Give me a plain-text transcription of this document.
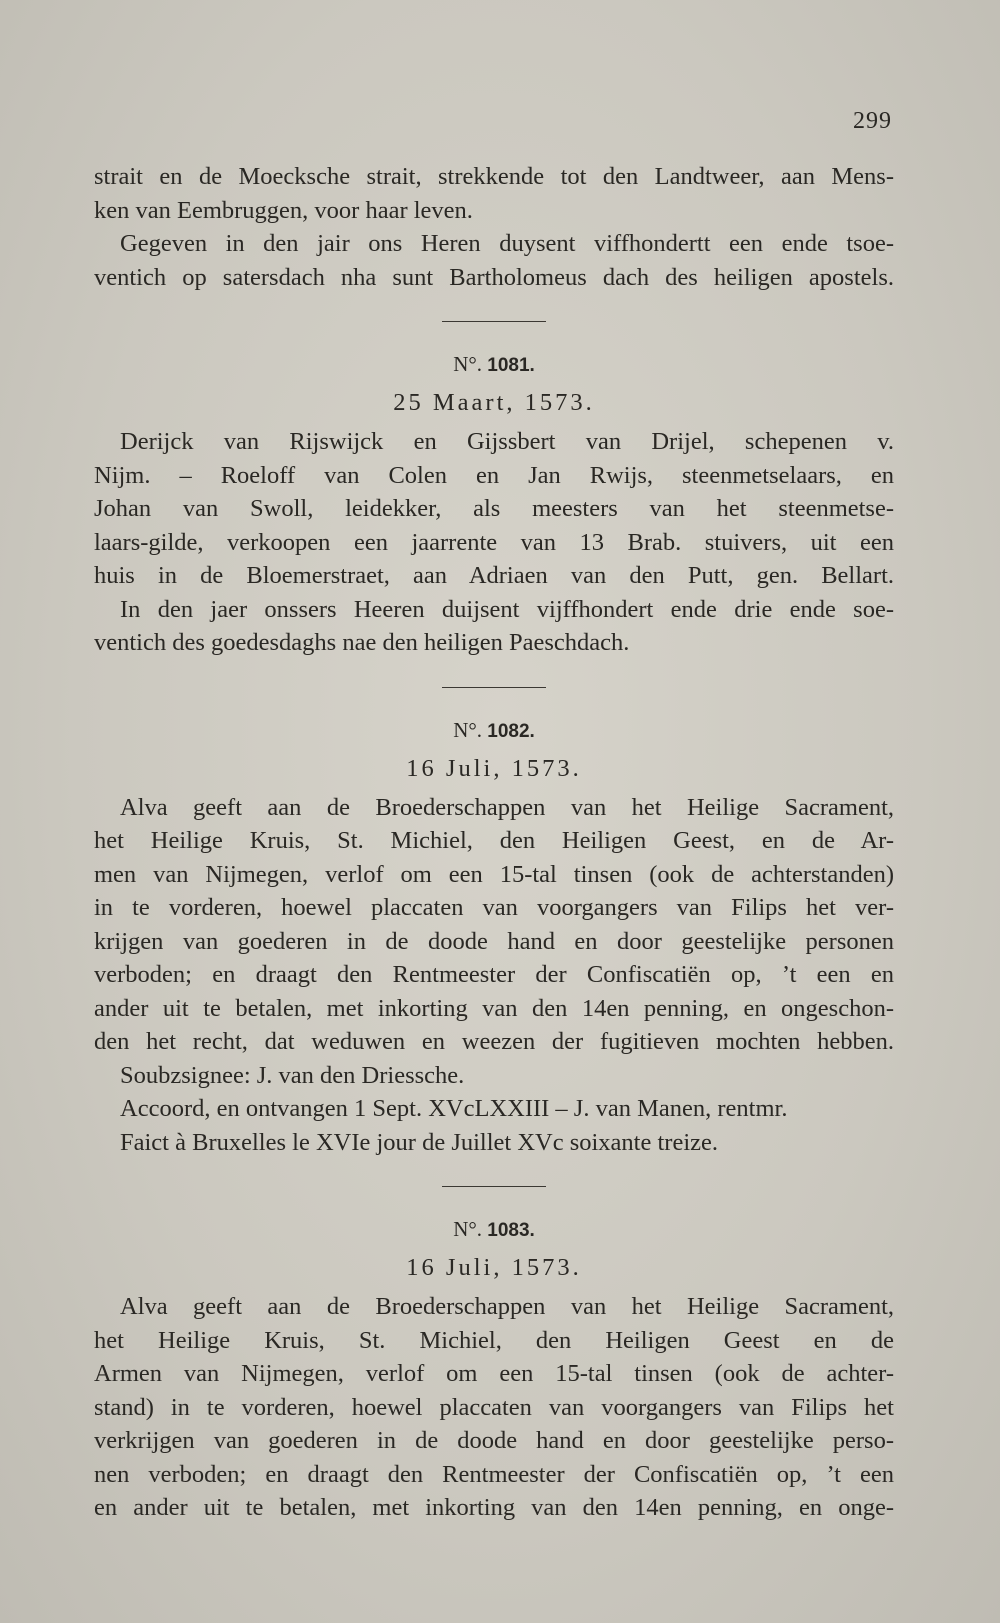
299
strait en de Moecksche strait, strekkende tot den Landtweer, aan Mens-
ken van Eembruggen, voor haar leven.
Gegeven in den jair ons Heren duysent viffhondertt een ende tsoe-
ventich op satersdach nha sunt Bartholomeus dach des heiligen apostels.
N°. 1081.
25 Maart, 1573.
Derijck van Rijswijck en Gijssbert van Drijel, schepenen v.
Nijm. – Roeloff van Colen en Jan Rwijs, steenmetselaars, en
Johan van Swoll, leidekker, als meesters van het steenmetse-
laars-gilde, verkoopen een jaarrente van 13 Brab. stuivers, uit een
huis in de Bloemerstraet, aan Adriaen van den Putt, gen. Bellart.
In den jaer onssers Heeren duijsent vijffhondert ende drie ende soe-
ventich des goedesdaghs nae den heiligen Paeschdach.
N°. 1082.
16 Juli, 1573.
Alva geeft aan de Broederschappen van het Heilige Sacrament,
het Heilige Kruis, St. Michiel, den Heiligen Geest, en de Ar-
men van Nijmegen, verlof om een 15-tal tinsen (ook de achterstanden)
in te vorderen, hoewel placcaten van voorgangers van Filips het ver-
krijgen van goederen in de doode hand en door geestelijke personen
verboden; en draagt den Rentmeester der Confiscatiën op, ’t een en
ander uit te betalen, met inkorting van den 14en penning, en ongeschon-
den het recht, dat weduwen en weezen der fugitieven mochten hebben.
Soubzsignee: J. van den Driessche.
Accoord, en ontvangen 1 Sept. XVcLXXIII – J. van Manen, rentmr.
Faict à Bruxelles le XVIe jour de Juillet XVc soixante treize.
N°. 1083.
16 Juli, 1573.
Alva geeft aan de Broederschappen van het Heilige Sacrament,
het Heilige Kruis, St. Michiel, den Heiligen Geest en de
Armen van Nijmegen, verlof om een 15-tal tinsen (ook de achter-
stand) in te vorderen, hoewel placcaten van voorgangers van Filips het
verkrijgen van goederen in de doode hand en door geestelijke perso-
nen verboden; en draagt den Rentmeester der Confiscatiën op, ’t een
en ander uit te betalen, met inkorting van den 14en penning, en onge-
